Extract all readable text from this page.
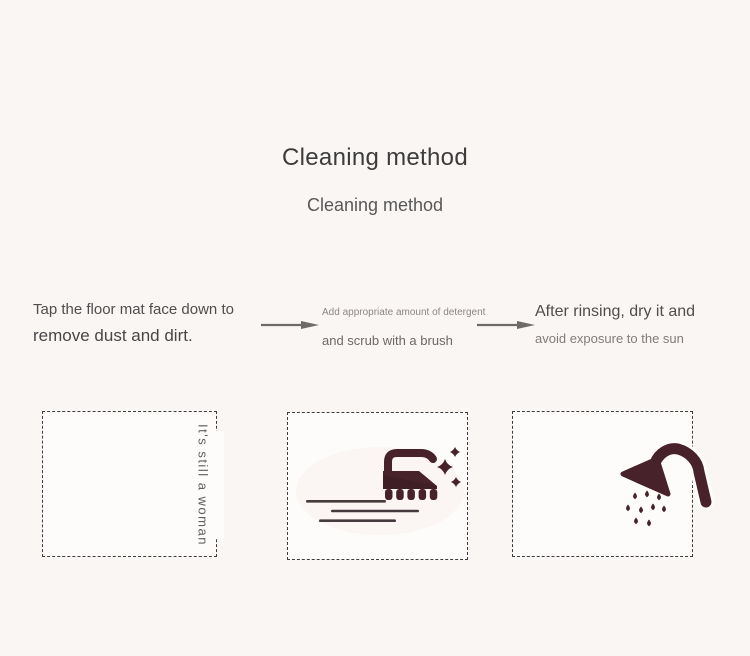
Cleaning method
Cleaning method

Tap the floor mat face down to

remove dust and dirt.

Add appropriate amount of detergent

and scrub with a brush

After rinsing, dry it and

avoid exposure to the sun

It's still a woman
